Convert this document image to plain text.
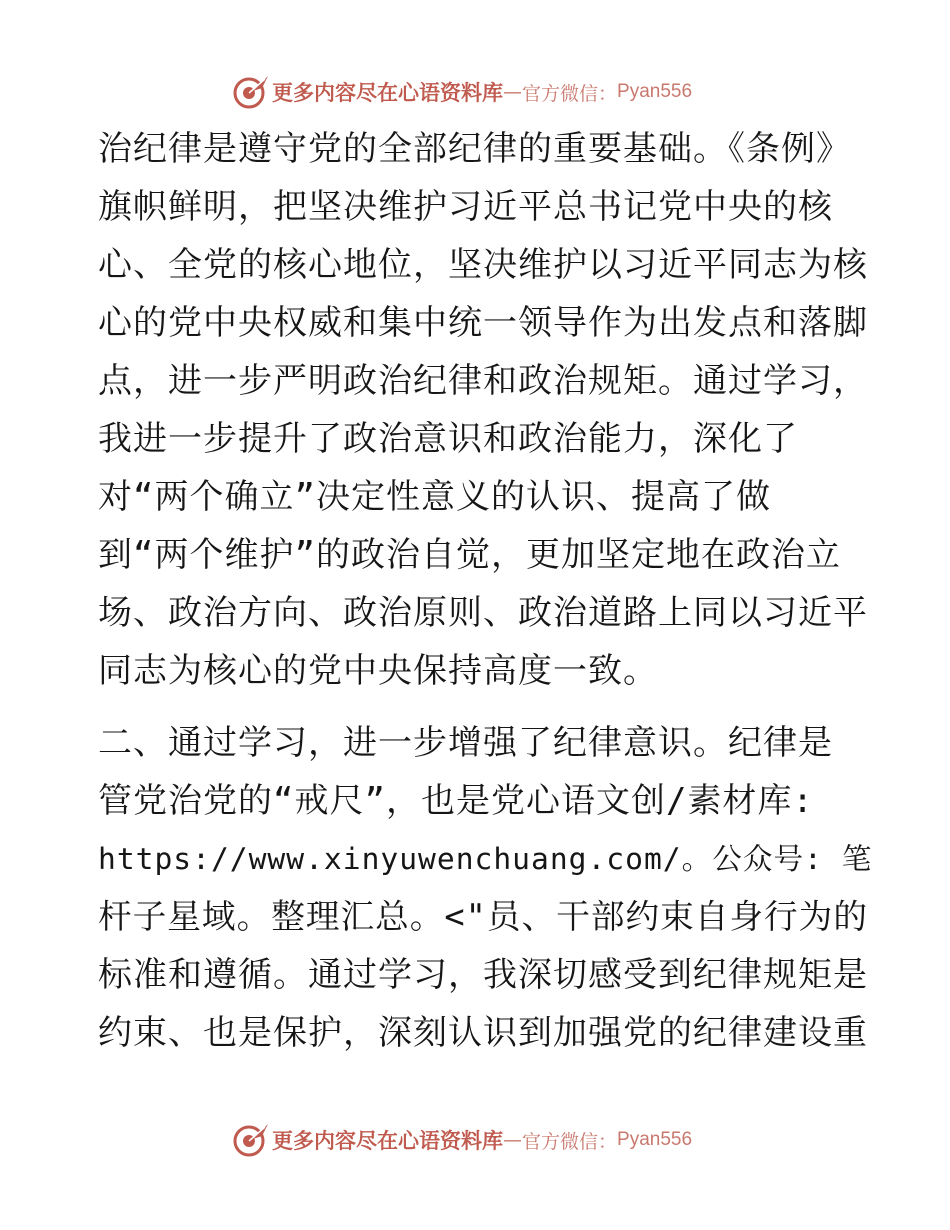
更多内容尽在心语资料库 — 官方微信： Pyan556
治纪律是遵守党的全部纪律的重要基础。《条例》
旗帜鲜明，把坚决维护习近平总书记党中央的核
心、全党的核心地位，坚决维护以习近平同志为核
心的党中央权威和集中统一领导作为出发点和落脚
点，进一步严明政治纪律和政治规矩。通过学习，
我进一步提升了政治意识和政治能力，深化了
对“两个确立”决定性意义的认识、提高了做
到“两个维护”的政治自觉，更加坚定地在政治立
场、政治方向、政治原则、政治道路上同以习近平
同志为核心的党中央保持高度一致。
二、通过学习，进一步增强了纪律意识。纪律是
管党治党的“戒尺”，也是党心语文创/素材库:
https://www.xinyuwenchuang.com/。公众号: 笔
杆子星域。整理汇总。<"员、干部约束自身行为的
标准和遵循。通过学习，我深切感受到纪律规矩是
约束、也是保护，深刻认识到加强党的纪律建设重
更多内容尽在心语资料库 — 官方微信： Pyan556
